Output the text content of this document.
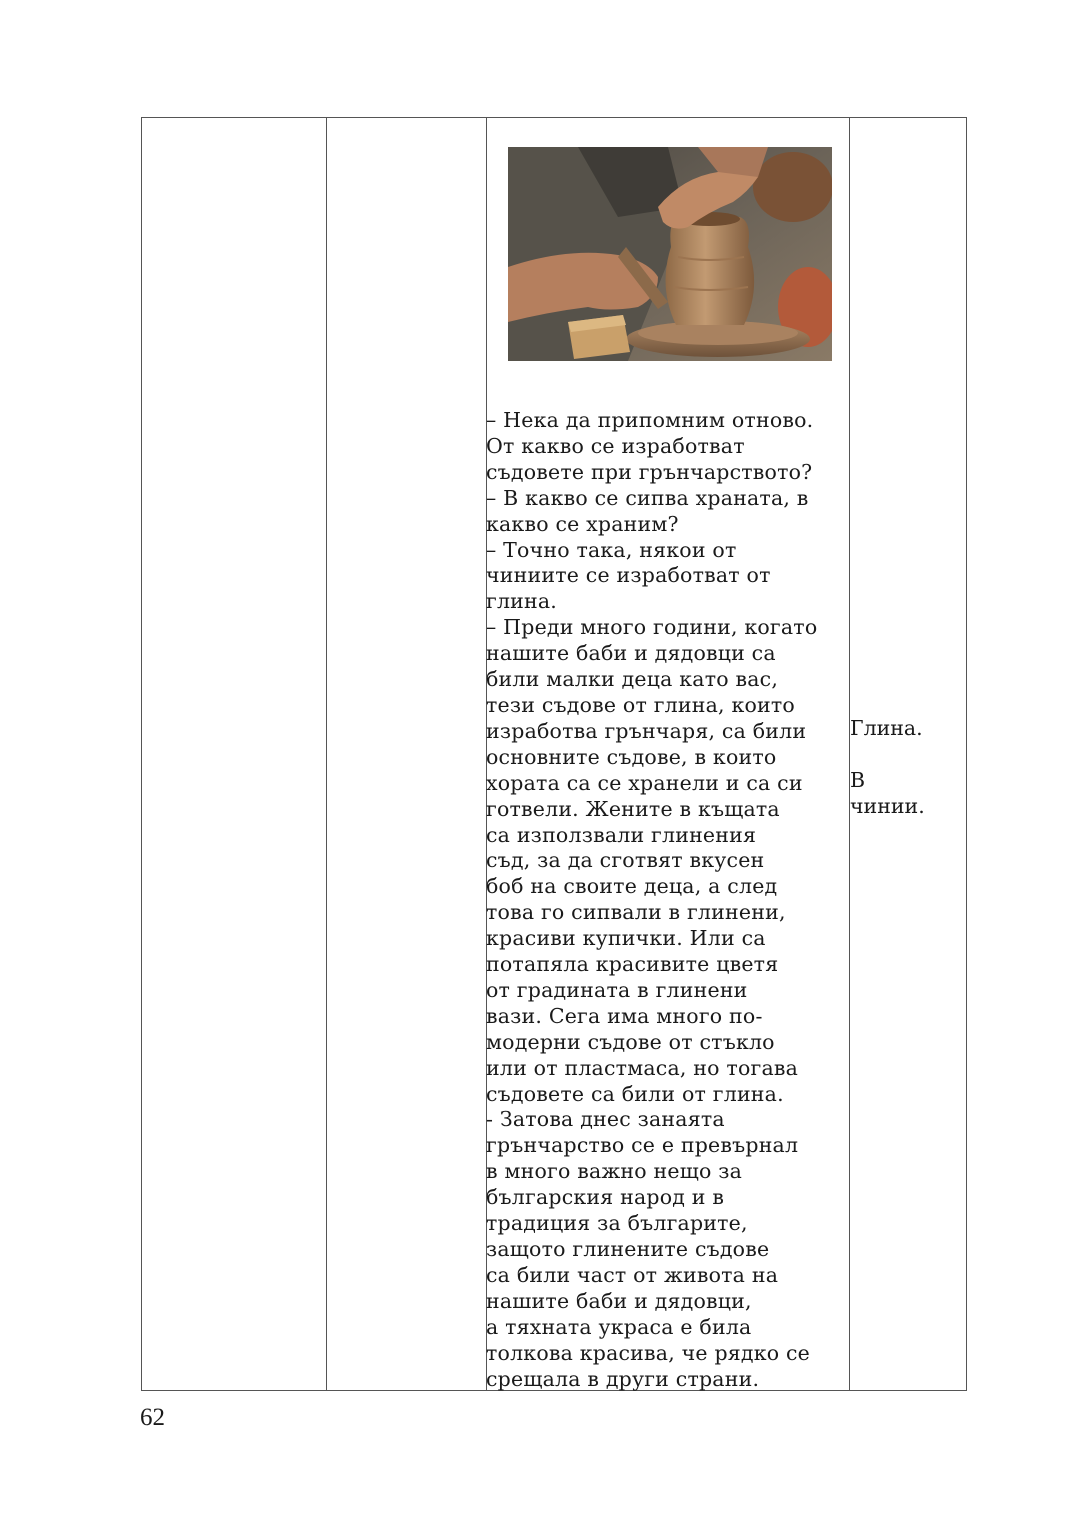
– Нека да припомним отново.

От какво се изработват

съдовете при грънчарството?

– В какво се сипва храната, в

какво се храним?

– Точно така, някои от

чиниите се изработват от

глина.

– Преди много години, когато

нашите баби и дядовци са

били малки деца като вас,

тези съдове от глина, които

изработва грънчаря, са били

основните съдове, в които

хората са се хранели и са си

готвели. Жените в къщата

са използвали глинения

съд, за да сготвят вкусен

боб на своите деца, а след

това го сипвали в глинени,

красиви купички. Или са

потапяла красивите цветя

от градината в глинени

вази. Сега има много по-

модерни съдове от стъкло

или от пластмаса, но тогава

съдовете са били от глина.

- Затова днес занаята

грънчарство се е превърнал

в много важно нещо за

българския народ и в

традиция за българите,

защото глинените съдове

са били част от живота на

нашите баби и дядовци,

а тяхната украса е била

толкова красива, че рядко се

срещала в други страни.

Глина.

В

чинии.

62
